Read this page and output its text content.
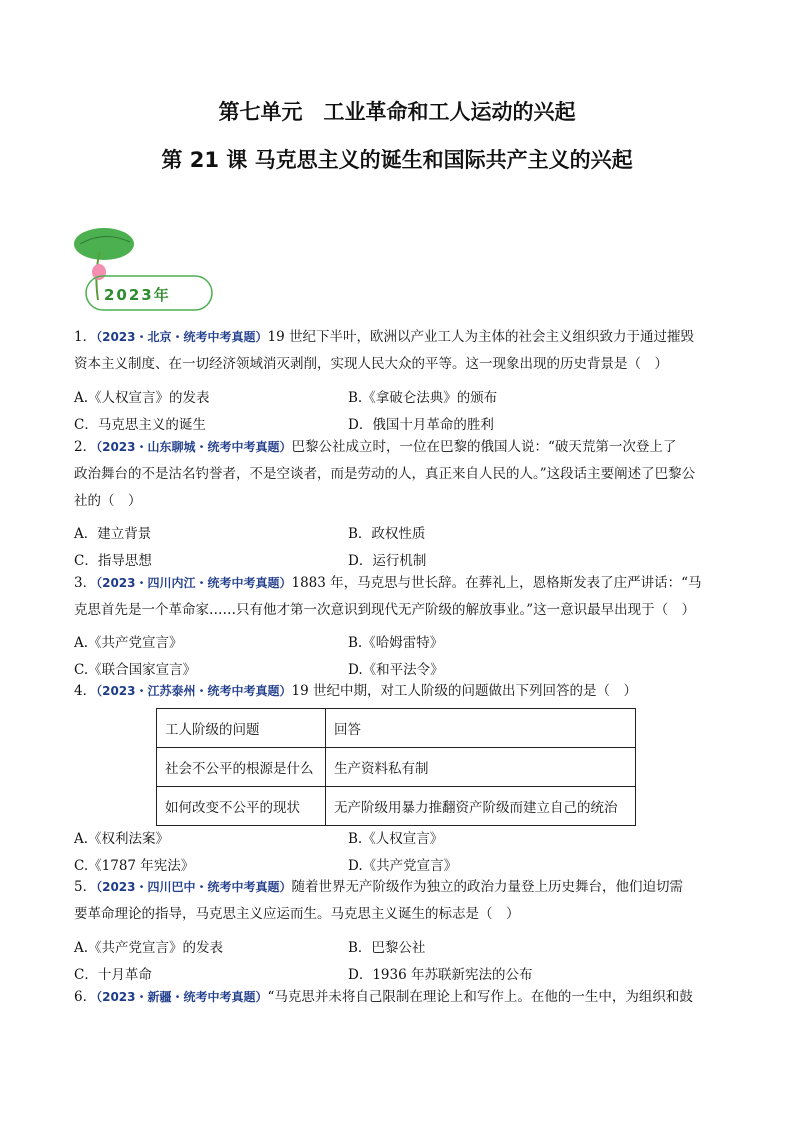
第七单元　工业革命和工人运动的兴起
第 21 课 马克思主义的诞生和国际共产主义的兴起
2023年
1．（2023・北京・统考中考真题）19 世纪下半叶，欧洲以产业工人为主体的社会主义组织致力于通过摧毁
资本主义制度、在一切经济领域消灭剥削，实现人民大众的平等。这一现象出现的历史背景是（　）
A.《人权宣言》的发表	B.《拿破仑法典》的颁布
C．马克思主义的诞生	D．俄国十月革命的胜利
2．（2023・山东聊城・统考中考真题）巴黎公社成立时，一位在巴黎的俄国人说：“破天荒第一次登上了
政治舞台的不是沽名钓誉者，不是空谈者，而是劳动的人，真正来自人民的人。”这段话主要阐述了巴黎公
社的（　）
A．建立背景	B．政权性质
C．指导思想	D．运行机制
3．（2023・四川内江・统考中考真题）1883 年，马克思与世长辞。在葬礼上，恩格斯发表了庄严讲话：“马
克思首先是一个革命家……只有他才第一次意识到现代无产阶级的解放事业。”这一意识最早出现于（　）
A.《共产党宣言》	B.《哈姆雷特》
C.《联合国家宣言》	D.《和平法令》
4．（2023・江苏泰州・统考中考真题）19 世纪中期，对工人阶级的问题做出下列回答的是（　）
工人阶级的问题	回答
社会不公平的根源是什么	生产资料私有制
如何改变不公平的现状	无产阶级用暴力推翻资产阶级而建立自己的统治
A.《权利法案》	B.《人权宣言》
C.《1787 年宪法》	D.《共产党宣言》
5．（2023・四川巴中・统考中考真题）随着世界无产阶级作为独立的政治力量登上历史舞台，他们迫切需
要革命理论的指导，马克思主义应运而生。马克思主义诞生的标志是（　）
A.《共产党宣言》的发表	B．巴黎公社
C．十月革命	D．1936 年苏联新宪法的公布
6．（2023・新疆・统考中考真题）“马克思并未将自己限制在理论上和写作上。在他的一生中，为组织和鼓
